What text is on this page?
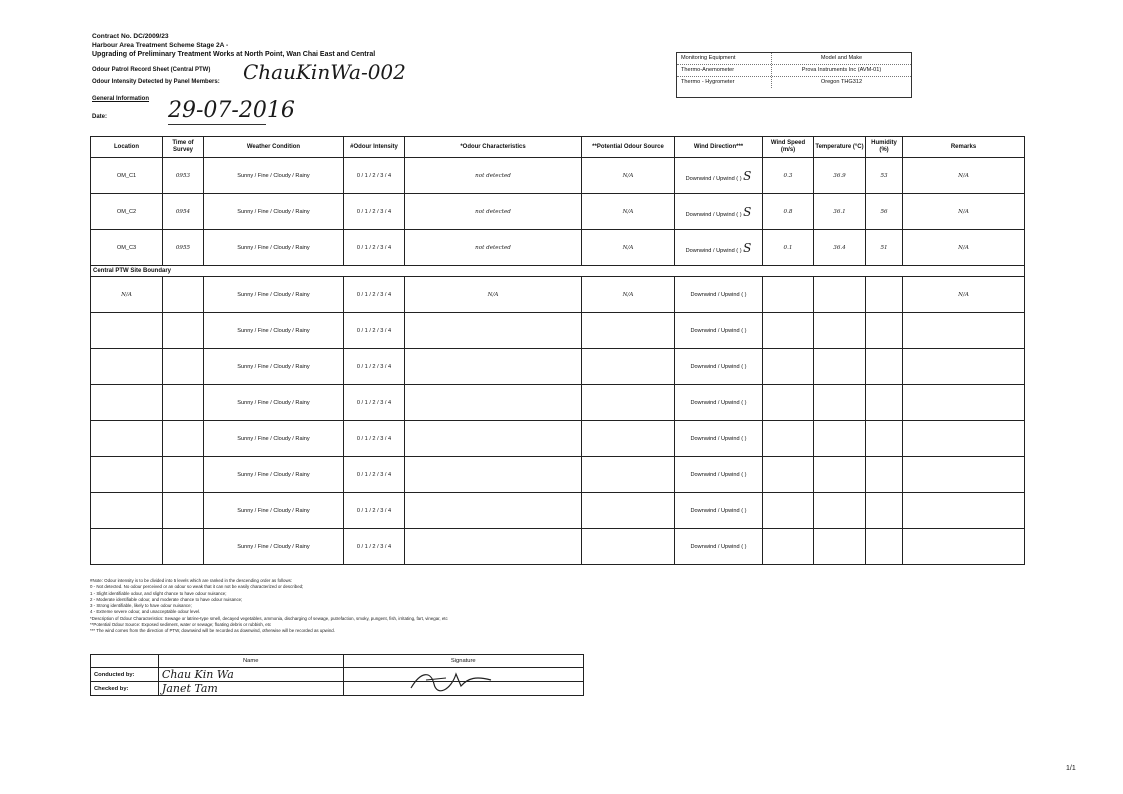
Contract No. DC/2009/23
Harbour Area Treatment Scheme Stage 2A -
Upgrading of Preliminary Treatment Works at North Point, Wan Chai East and Central
Odour Patrol Record Sheet (Central PTW)
Odour Intensity Detected by Panel Members: ChauKinWa-002
General Information
Date:	29-07-2016
Monitoring Equipment	Model and Make
Thermo-Anemometer	Prova Instruments Inc (AVM-01)
Thermo - Hygrometer	Oregon THG312
Location	Time of Survey	Weather Condition	#Odour Intensity	*Odour Characteristics	**Potential Odour Source	Wind Direction***	Wind Speed (m/s)	Temperature (°C)	Humidity (%)	Remarks
OM_C1	0953	Sunny / Fine / Cloudy / Rainy	0 / 1 / 2 / 3 / 4	not detected	N/A	Downwind / Upwind ( ) S	0.3	36.9	53	N/A
OM_C2	0954	Sunny / Fine / Cloudy / Rainy	0 / 1 / 2 / 3 / 4	not detected	N/A	Downwind / Upwind ( ) S	0.8	36.1	56	N/A
OM_C3	0955	Sunny / Fine / Cloudy / Rainy	0 / 1 / 2 / 3 / 4	not detected	N/A	Downwind / Upwind ( ) S	0.1	36.4	51	N/A
Central PTW Site Boundary										
N/A		Sunny / Fine / Cloudy / Rainy	0 / 1 / 2 / 3 / 4	N/A	N/A	Downwind / Upwind ( )				N/A
		Sunny / Fine / Cloudy / Rainy	0 / 1 / 2 / 3 / 4			Downwind / Upwind ( )				
		Sunny / Fine / Cloudy / Rainy	0 / 1 / 2 / 3 / 4			Downwind / Upwind ( )				
		Sunny / Fine / Cloudy / Rainy	0 / 1 / 2 / 3 / 4			Downwind / Upwind ( )				
		Sunny / Fine / Cloudy / Rainy	0 / 1 / 2 / 3 / 4			Downwind / Upwind ( )				
		Sunny / Fine / Cloudy / Rainy	0 / 1 / 2 / 3 / 4			Downwind / Upwind ( )				
		Sunny / Fine / Cloudy / Rainy	0 / 1 / 2 / 3 / 4			Downwind / Upwind ( )				
		Sunny / Fine / Cloudy / Rainy	0 / 1 / 2 / 3 / 4			Downwind / Upwind ( )				
#Note: Odour intensity is to be divided into 5 levels which are ranked in the descending order as follows:
0 - Not detected. No odour perceived or an odour so weak that it can not be easily characterized or described;
1 - Slight identifiable odour, and slight chance to have odour nuisance;
2 - Moderate identifiable odour, and moderate chance to have odour nuisance;
3 - Strong identifiable, likely to have odour nuisance;
4 - Extreme severe odour, and unacceptable odour level.
*Description of Odour Characteristics: Sewage or latrine-type smell, decayed vegetables, ammonia, discharging of sewage, putrefaction, smoky, pungent, fish, irritating, fart, vinegar, etc
**Potential Odour Source: Exposed sediment, water or sewage; floating debris or rubbish, etc
*** The wind comes from the direction of PTW, downwind will be recorded as downwind, otherwise will be recorded as upwind.
	Name	Signature
Conducted by:	Chau Kin Wa	
Checked by:	Janet Tam	
1/1
